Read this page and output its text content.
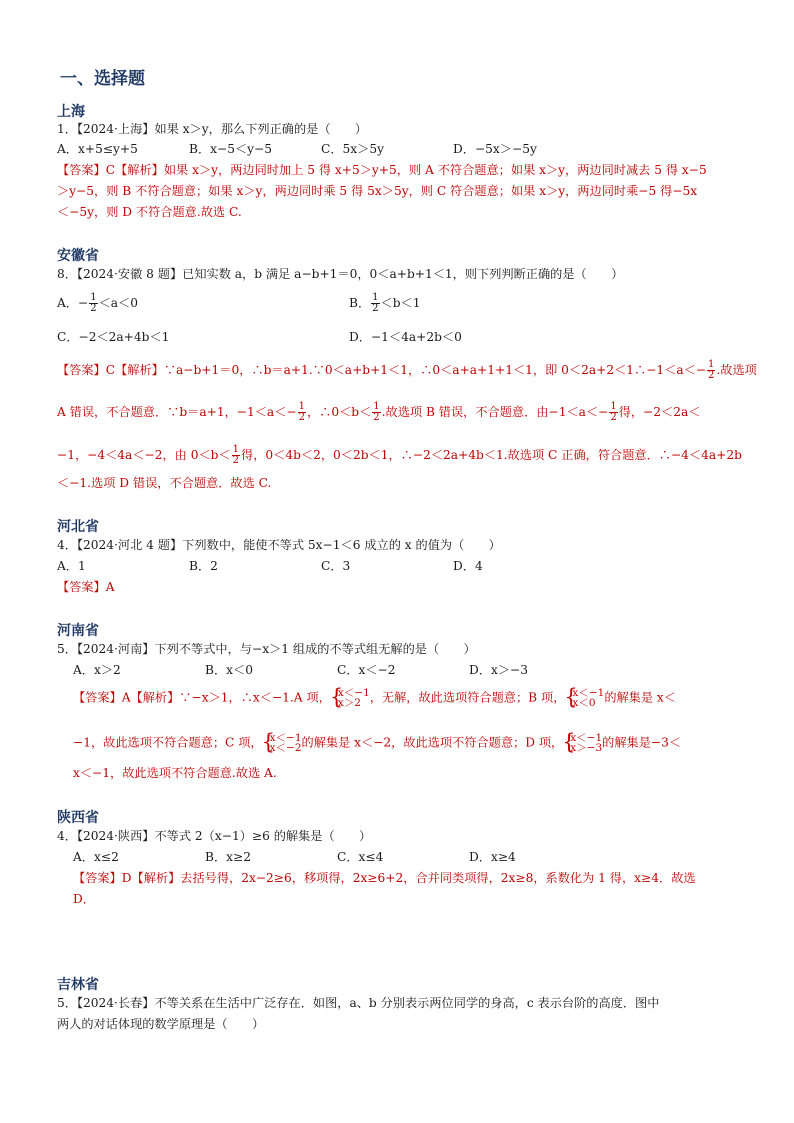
一、选择题
上海
1．【2024·上海】如果 x＞y，那么下列正确的是（　　）
A．x+5≤y+5	B．x−5＜y−5	C．5x＞5y	D．−5x＞−5y
【答案】C【解析】如果 x＞y，两边同时加上 5 得 x+5＞y+5，则 A 不符合题意；如果 x＞y，两边同时减去 5 得 x−5
＞y−5，则 B 不符合题意；如果 x＞y，两边同时乘 5 得 5x＞5y，则 C 符合题意；如果 x＞y，两边同时乘−5 得−5x
＜−5y，则 D 不符合题意.故选 C.
安徽省
8．【2024·安徽 8 题】已知实数 a，b 满足 a−b+1＝0，0＜a+b+1＜1，则下列判断正确的是（　　）
A．− $\frac{1}{2} <a<0$	B． $\frac{1}{2} <b<1$
C．−2＜2a+4b＜1	D．−1＜4a+2b＜0
【答案】C【解析】∵a−b+1＝0，∴b＝a+1.∵0＜a+b+1＜1，∴0＜a+a+1+1＜1，即 0＜2a+2＜1∴−1＜a＜− $\frac{1}{2}$ .故选项
A 错误，不合题意．∵b＝a+1，$-1<a<- \frac{1}{2}$ ，∴0＜b＜ $\frac{1}{2}$ .故选项 B 错误，不合题意．由$-1<a<- \frac{1}{2}$ 得，−2＜2a＜
−1，−4＜4a＜−2，由 $0<b< \frac{1}{2}$ 得，0＜4b＜2，0＜2b＜1，∴−2＜2a+4b＜1.故选项 C 正确，符合题意．∴−4＜4a+2b
＜−1.选项 D 错误，不合题意．故选 C.
河北省
4．【2024·河北 4 题】下列数中，能使不等式 5x−1＜6 成立的 x 的值为（　　）
A．1	B．2	C．3	D．4
【答案】A
河南省
5．【2024·河南】下列不等式中，与−x＞1 组成的不等式组无解的是（　　）
A．x＞2	B．x＜0	C．x＜−2	D．x＞−3
【答案】A【解析】∵−x＞1，∴x＜−1.A 项， { x＜−1
x＞2 ，无解，故此选项符合题意；B 项， { x＜−1
x＜0 的解集是 x＜
−1，故此选项不符合题意；C 项， { x＜−1
x＜−2 的解集是 x＜−2，故此选项不符合题意；D 项， { x＜−1
x＞−3 的解集是−3＜
x＜−1，故此选项不符合题意.故选 A.
陕西省
4．【2024·陕西】不等式 2（x−1）≥6 的解集是（　　）
A．x≤2	B．x≥2	C．x≤4	D．x≥4
【答案】D【解析】去括号得，2x−2≥6，移项得，2x≥6+2，合并同类项得，2x≥8，系数化为 1 得，x≥4．故选
D．
吉林省
5．【2024·长春】不等关系在生活中广泛存在．如图，a、b 分别表示两位同学的身高，c 表示台阶的高度．图中
两人的对话体现的数学原理是（　　）
